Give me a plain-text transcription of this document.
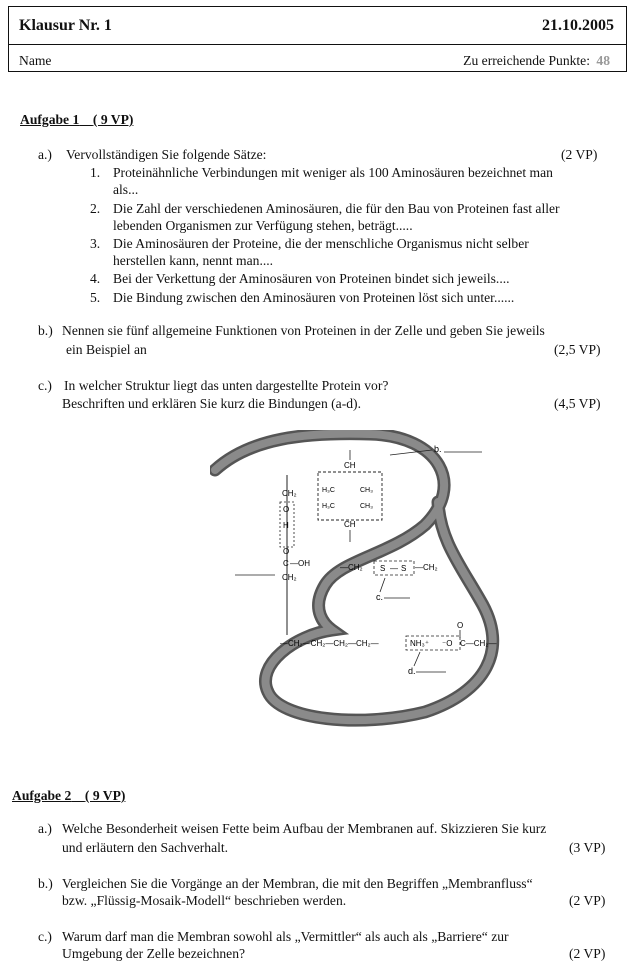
Klausur Nr. 1	21.10.2005
Name	Zu erreichende Punkte: 48
Aufgabe 1 ( 9 VP)
a.) Vervollständigen Sie folgende Sätze:	(2 VP)
1. Proteinähnliche Verbindungen mit weniger als 100 Aminosäuren bezeichnet man
als...
2. Die Zahl der verschiedenen Aminosäuren, die für den Bau von Proteinen fast aller
lebenden Organismen zur Verfügung stehen, beträgt.....
3. Die Aminosäuren der Proteine, die der menschliche Organismus nicht selber
herstellen kann, nennt man....
4. Bei der Verkettung der Aminosäuren von Proteinen bindet sich jeweils....
5. Die Bindung zwischen den Aminosäuren von Proteinen löst sich unter......
b.) Nennen sie fünf allgemeine Funktionen von Proteinen in der Zelle und geben Sie jeweils
ein Beispiel an	(2,5 VP)
c.) In welcher Struktur liegt das unten dargestellte Protein vor?
Beschriften und erklären Sie kurz die Bindungen (a-d).	(4,5 VP)
CH₂
O
H
O
C —OH
CH₂
CH
H₃C	CH₃
H₃C	CH₃
CH
b.
—CH₂ S — S —CH₂
c.
—CH₂—CH₂—CH₂—CH₂—	NH₃⁺ ⁻O
O
C—CH₂—
d.
Aufgabe 2 ( 9 VP)
a.) Welche Besonderheit weisen Fette beim Aufbau der Membranen auf. Skizzieren Sie kurz
und erläutern den Sachverhalt.	(3 VP)
b.) Vergleichen Sie die Vorgänge an der Membran, die mit den Begriffen „Membranfluss“
bzw. „Flüssig-Mosaik-Modell“ beschrieben werden.	(2 VP)
c.) Warum darf man die Membran sowohl als „Vermittler“ als auch als „Barriere“ zur
Umgebung der Zelle bezeichnen?	(2 VP)
